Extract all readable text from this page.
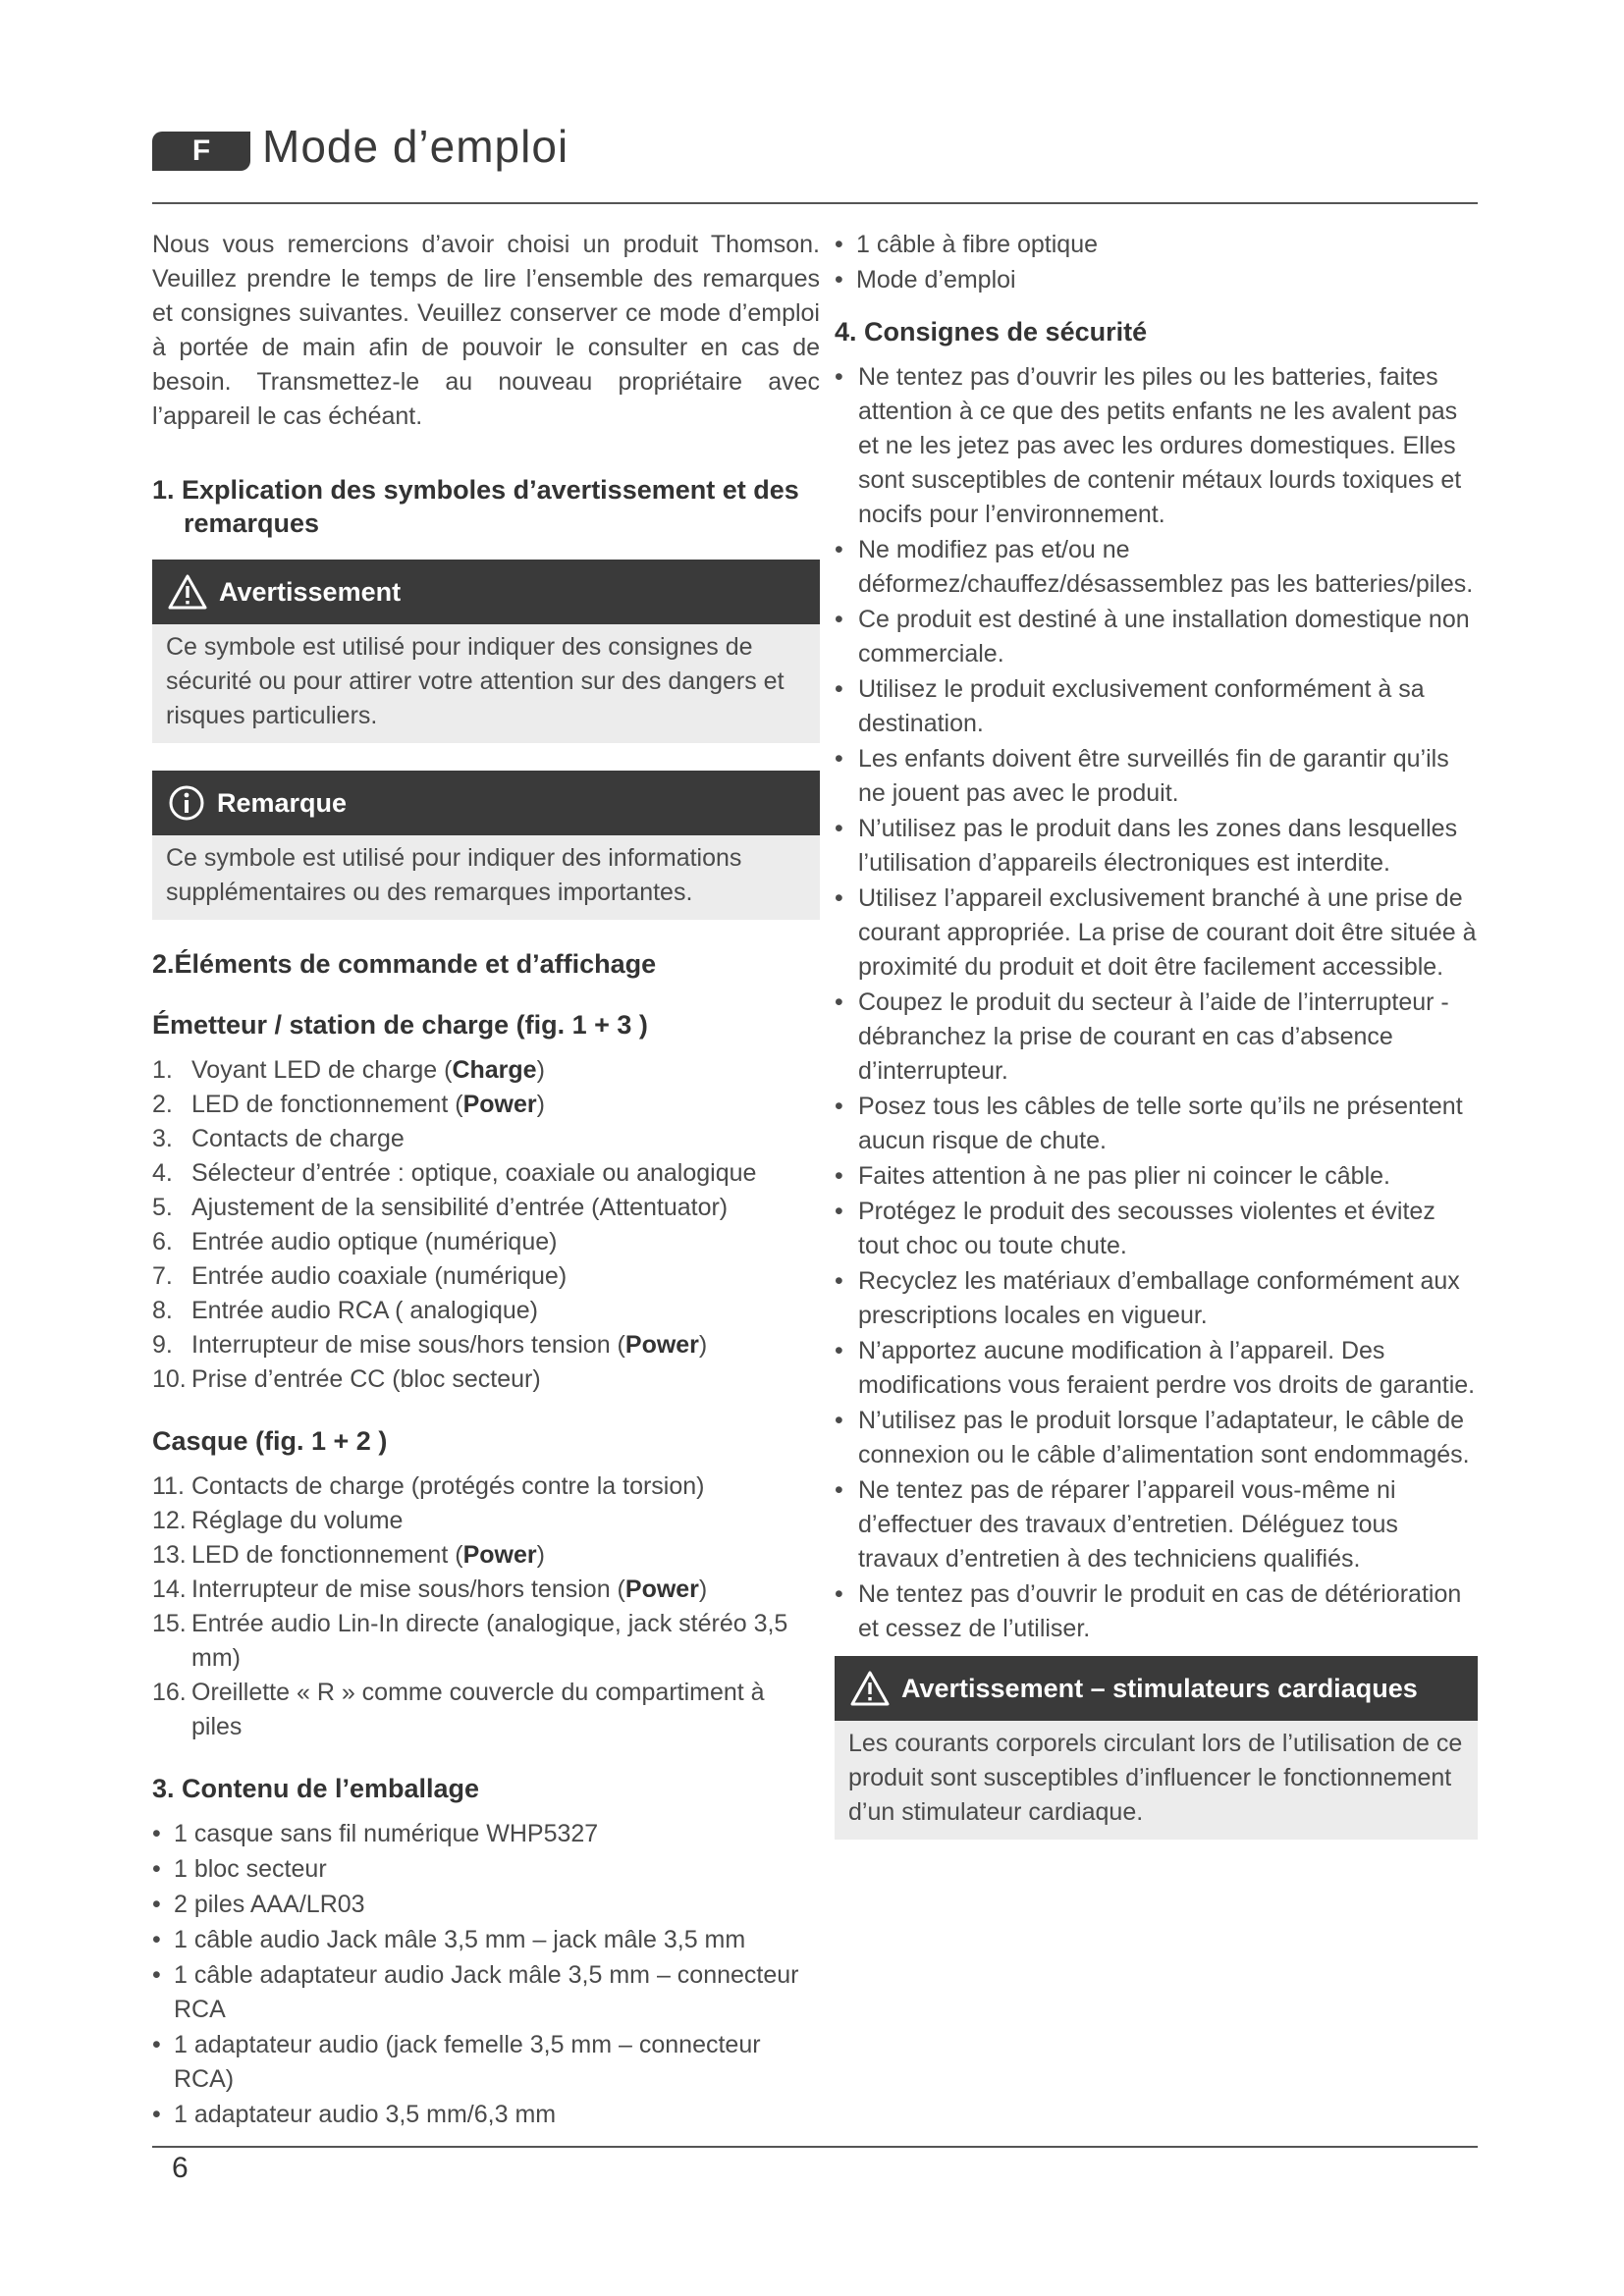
F	Mode d’emploi

Nous vous remercions d’avoir choisi un produit Thomson. Veuillez prendre le temps de lire l’ensemble des remarques et consignes suivantes. Veuillez conserver ce mode d’emploi à portée de main afin de pouvoir le consulter en cas de besoin. Transmettez-le au nouveau propriétaire avec l’appareil le cas échéant.

1. Explication des symboles d’avertissement et des remarques
Avertissement
Ce symbole est utilisé pour indiquer des consignes de sécurité ou pour attirer votre attention sur des dangers et risques particuliers.
Remarque
Ce symbole est utilisé pour indiquer des informations supplémentaires ou des remarques importantes.
2.Éléments de commande et d’affichage
Émetteur / station de charge (fig. 1 + 3 )
1. Voyant LED de charge (Charge)
2. LED de fonctionnement (Power)
3. Contacts de charge
4. Sélecteur d’entrée : optique, coaxiale ou analogique
5. Ajustement de la sensibilité d’entrée (Attentuator)
6. Entrée audio optique (numérique)
7. Entrée audio coaxiale (numérique)
8. Entrée audio RCA ( analogique)
9. Interrupteur de mise sous/hors tension (Power)
10. Prise d’entrée CC (bloc secteur)
Casque (fig. 1 + 2 )
11. Contacts de charge (protégés contre la torsion)
12. Réglage du volume
13. LED de fonctionnement (Power)
14. Interrupteur de mise sous/hors tension (Power)
15. Entrée audio Lin-In directe (analogique, jack stéréo 3,5 mm)
16. Oreillette « R » comme couvercle du compartiment à piles
3. Contenu de l’emballage
• 1 casque sans fil numérique WHP5327
• 1 bloc secteur
• 2 piles AAA/LR03
• 1 câble audio Jack mâle 3,5 mm – jack mâle 3,5 mm
• 1 câble adaptateur audio Jack mâle 3,5 mm – connecteur RCA
• 1 adaptateur audio (jack femelle 3,5 mm – connecteur RCA)
• 1 adaptateur audio 3,5 mm/6,3 mm
• 1 câble à fibre optique
• Mode d’emploi
4. Consignes de sécurité
• Ne tentez pas d’ouvrir les piles ou les batteries, faites attention à ce que des petits enfants ne les avalent pas et ne les jetez pas avec les ordures domestiques. Elles sont susceptibles de contenir métaux lourds toxiques et nocifs pour l’environnement.
• Ne modifiez pas et/ou ne déformez/chauffez/désassemblez pas les batteries/piles.
• Ce produit est destiné à une installation domestique non commerciale.
• Utilisez le produit exclusivement conformément à sa destination.
• Les enfants doivent être surveillés fin de garantir qu’ils ne jouent pas avec le produit.
• N’utilisez pas le produit dans les zones dans lesquelles l’utilisation d’appareils électroniques est interdite.
• Utilisez l’appareil exclusivement branché à une prise de courant appropriée. La prise de courant doit être située à proximité du produit et doit être facilement accessible.
• Coupez le produit du secteur à l’aide de l’interrupteur - débranchez la prise de courant en cas d’absence d’interrupteur.
• Posez tous les câbles de telle sorte qu’ils ne présentent aucun risque de chute.
• Faites attention à ne pas plier ni coincer le câble.
• Protégez le produit des secousses violentes et évitez tout choc ou toute chute.
• Recyclez les matériaux d’emballage conformément aux prescriptions locales en vigueur.
• N’apportez aucune modification à l’appareil. Des modifications vous feraient perdre vos droits de garantie.
• N’utilisez pas le produit lorsque l’adaptateur, le câble de connexion ou le câble d’alimentation sont endommagés.
• Ne tentez pas de réparer l’appareil vous-même ni d’effectuer des travaux d’entretien. Déléguez tous travaux d’entretien à des techniciens qualifiés.
• Ne tentez pas d’ouvrir le produit en cas de détérioration et cessez de l’utiliser.
Avertissement – stimulateurs cardiaques
Les courants corporels circulant lors de l’utilisation de ce produit sont susceptibles d’influencer le fonctionnement d’un stimulateur cardiaque.
6
